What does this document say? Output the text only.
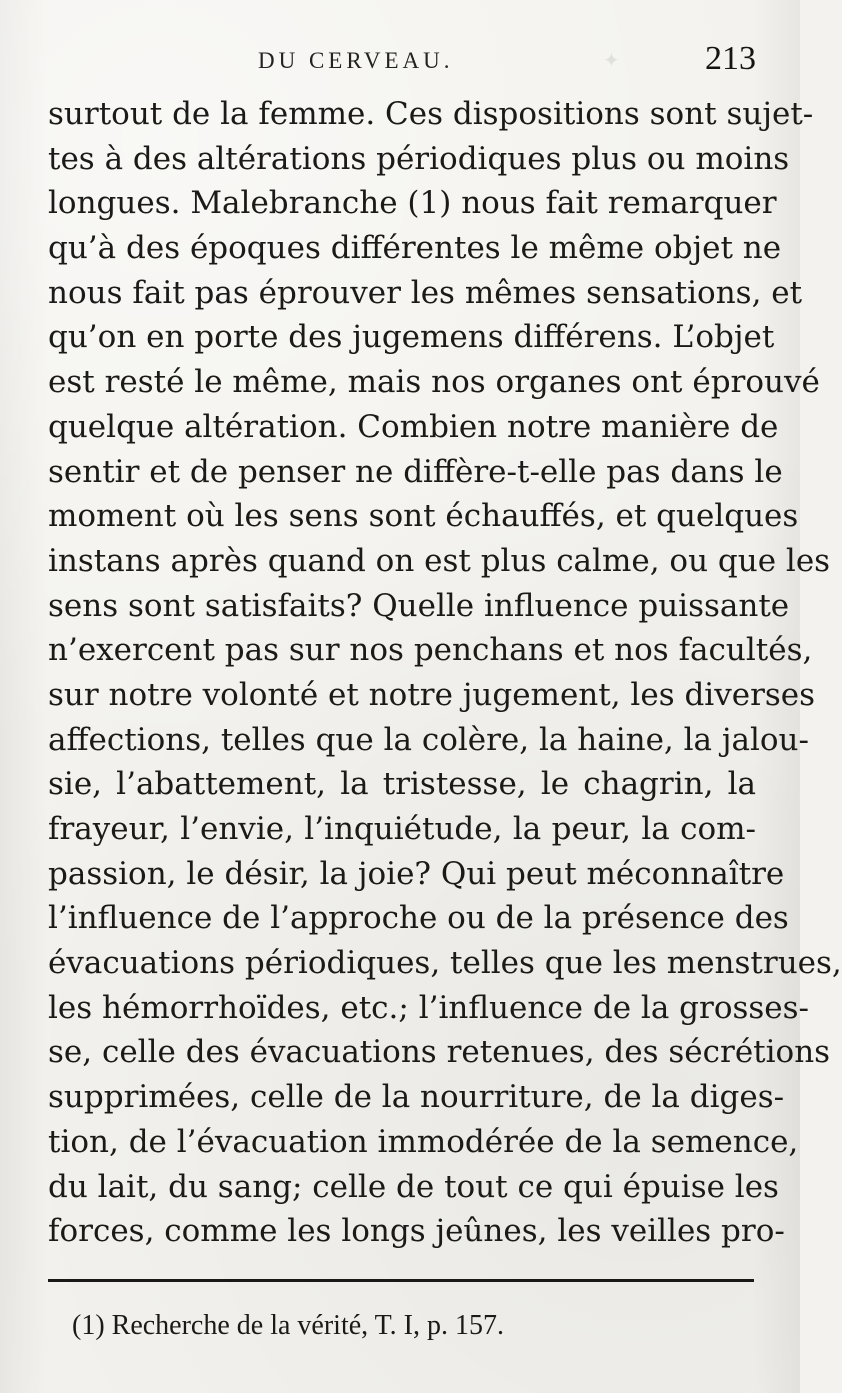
✦
DU CERVEAU.	213
surtout de la femme. Ces dispositions sont sujet-
tes à des altérations périodiques plus ou moins
longues. Malebranche (1) nous fait remarquer
qu’à des époques différentes le même objet ne
nous fait pas éprouver les mêmes sensations, et
qu’on en porte des jugemens différens. L’objet
est resté le même, mais nos organes ont éprouvé
quelque altération. Combien notre manière de
sentir et de penser ne diffère-t-elle pas dans le
moment où les sens sont échauffés, et quelques
instans après quand on est plus calme, ou que les
sens sont satisfaits? Quelle influence puissante
n’exercent pas sur nos penchans et nos facultés,
sur notre volonté et notre jugement, les diverses
affections, telles que la colère, la haine, la jalou-
sie, l’abattement, la tristesse, le chagrin, la
frayeur, l’envie, l’inquiétude, la peur, la com-
passion, le désir, la joie? Qui peut méconnaître
l’influence de l’approche ou de la présence des
évacuations périodiques, telles que les menstrues,
les hémorrhoïdes, etc.; l’influence de la grosses-
se, celle des évacuations retenues, des sécrétions
supprimées, celle de la nourriture, de la diges-
tion, de l’évacuation immodérée de la semence,
du lait, du sang; celle de tout ce qui épuise les
forces, comme les longs jeûnes, les veilles pro-
(1) Recherche de la vérité, T. I, p. 157.
